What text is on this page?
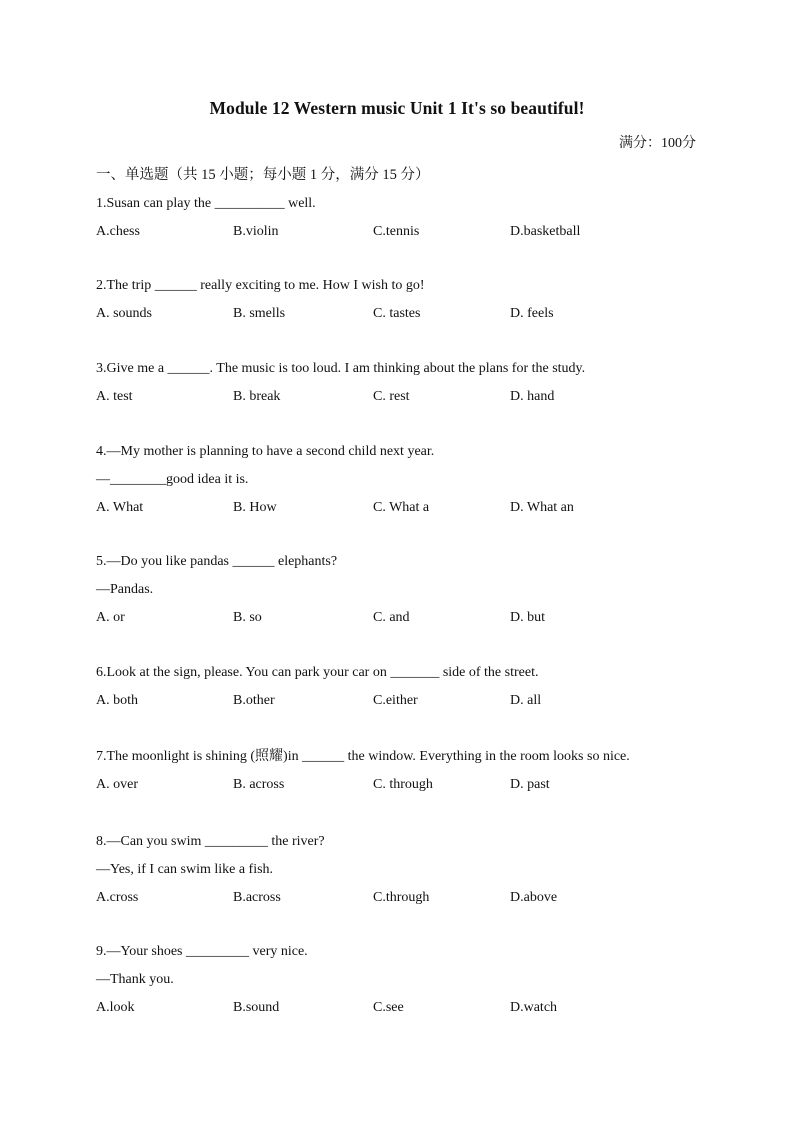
Module 12 Western music Unit 1 It's so beautiful!
满分：100分
一、单选题（共 15 小题；每小题 1 分，满分 15 分）
1.Susan can play the __________ well.
A.chess	B.violin	C.tennis	D.basketball
2.The trip ______ really exciting to me. How I wish to go!
A. sounds	B. smells	C. tastes	D. feels
3.Give me a ______. The music is too loud. I am thinking about the plans for the study.
A. test	B. break	C. rest	D. hand
4.—My mother is planning to have a second child next year.
—________good idea it is.
A. What	B. How	C. What a	D. What an
5.—Do you like pandas ______ elephants?
—Pandas.
A. or	B. so	C. and	D. but
6.Look at the sign, please. You can park your car on _______ side of the street.
A. both	B.other	C.either	D. all
7.The moonlight is shining (照耀)in ______ the window. Everything in the room looks so nice.
A. over	B. across	C. through	D. past
8.—Can you swim _________ the river?
—Yes, if I can swim like a fish.
A.cross	B.across	C.through	D.above
9.—Your shoes _________ very nice.
—Thank you.
A.look	B.sound	C.see	D.watch
